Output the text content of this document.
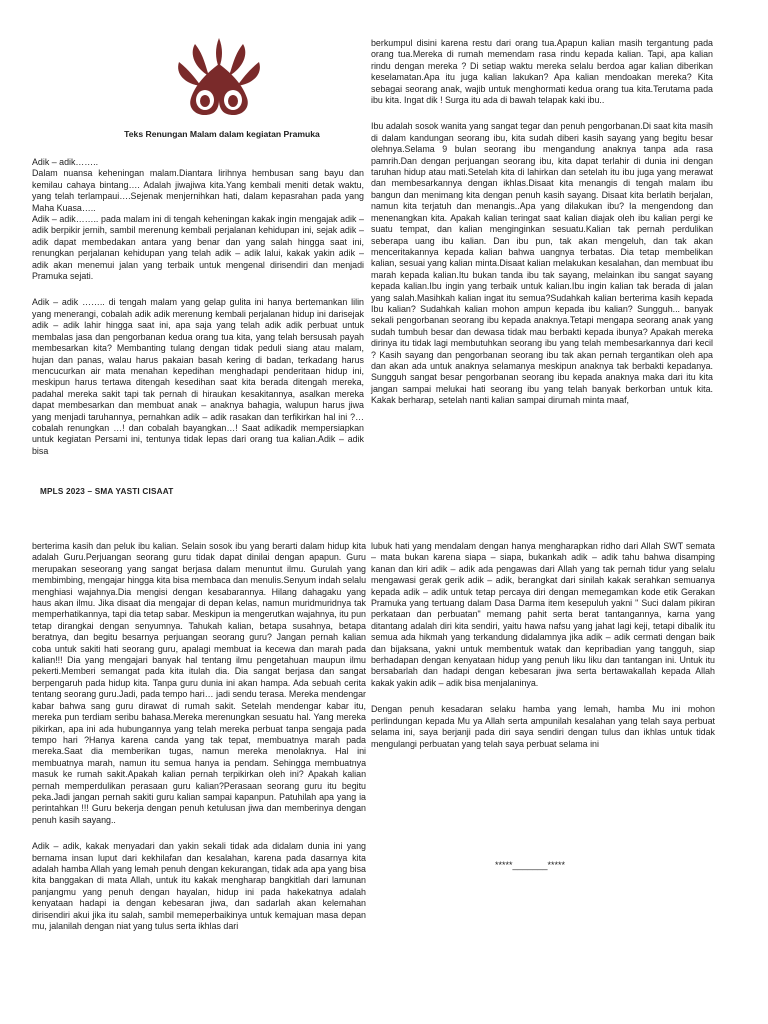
Teks Renungan Malam dalam kegiatan Pramuka

Adik – adik……..

Dalam nuansa keheningan malam.Diantara lirihnya hembusan sang bayu dan kemilau cahaya bintang…. Adalah jiwajiwa kita.Yang kembali meniti detak waktu, yang telah terlampaui….Sejenak menjernihkan hati, dalam kepasrahan pada yang Maha Kuasa…..

Adik – adik…….. pada malam ini di tengah keheningan kakak ingin mengajak adik – adik berpikir jernih, sambil merenung kembali perjalanan kehidupan ini, sejak adik – adik dapat membedakan antara yang benar dan yang salah hingga saat ini, renungkan perjalanan kehidupan yang telah adik – adik lalui, kakak yakin adik – adik akan menemui jalan yang terbaik untuk mengenal dirisendiri dan menjadi Pramuka sejati.

Adik – adik …….. di tengah malam yang gelap gulita ini hanya bertemankan lilin yang menerangi, cobalah adik adik merenung kembali perjalanan hidup ini darisejak adik – adik lahir hingga saat ini, apa saja yang telah adik adik perbuat untuk membalas jasa dan pengorbanan kedua orang tua kita, yang telah bersusah payah membesarkan kita? Membanting tulang dengan tidak peduli siang atau malam, hujan dan panas, walau harus pakaian basah kering di badan, terkadang harus mencucurkan air mata menahan kepedihan menghadapi penderitaan hidup ini, meskipun harus tertawa ditengah kesedihan saat kita berada ditengah mereka, padahal mereka sakit tapi tak pernah di hiraukan kesakitannya, asalkan mereka dapat membesarkan dan membuat anak – anaknya bahagia, walupun harus jiwa yang menjadi taruhannya, pernahkan adik – adik rasakan dan terfikirkan hal ini ?… cobalah renungkan …! dan cobalah bayangkan…! Saat adikadik mempersiapkan untuk kegiatan Persami ini, tentunya tidak lepas dari orang tua kalian.Adik – adik bisa

berkumpul disini karena restu dari orang tua.Apapun kalian masih tergantung pada orang tua.Mereka di rumah memendam rasa rindu kepada kalian. Tapi, apa kalian rindu dengan mereka ? Di setiap waktu mereka selalu berdoa agar kalian diberikan keselamatan.Apa itu juga kalian lakukan? Apa kalian mendoakan mereka? Kita sebagai seorang anak, wajib untuk menghormati kedua orang tua kita.Terutama pada ibu kita. Ingat dik ! Surga itu ada di bawah telapak kaki ibu..

Ibu adalah sosok wanita yang sangat tegar dan penuh pengorbanan.Di saat kita masih di dalam kandungan seorang ibu, kita sudah diberi kasih sayang yang begitu besar olehnya.Selama 9 bulan seorang ibu mengandung anaknya tanpa ada rasa pamrih.Dan dengan perjuangan seorang ibu, kita dapat terlahir di dunia ini dengan taruhan hidup atau mati.Setelah kita di lahirkan dan setelah itu ibu juga yang merawat dan membesarkannya dengan ikhlas.Disaat kita menangis di tengah malam ibu bangun dan menimang kita dengan penuh kasih sayang. Disaat kita berlatih berjalan, namun kita terjatuh dan menangis..Apa yang dilakukan ibu? Ia mengendong dan menenangkan kita. Apakah kalian teringat saat kalian diajak oleh ibu kalian pergi ke suatu tempat, dan kalian menginginkan sesuatu.Kalian tak pernah perdulikan seberapa uang ibu kalian. Dan ibu pun, tak akan mengeluh, dan tak akan menceritakannya kepada kalian bahwa uangnya terbatas. Dia tetap membelikan kalian, sesuai yang kalian minta.Disaat kalian melakukan kesalahan, dan membuat ibu marah kepada kalian.Itu bukan tanda ibu tak sayang, melainkan ibu sangat sayang kepada kalian.Ibu ingin yang terbaik untuk kalian.Ibu ingin kalian tak berada di jalan yang salah.Masihkah kalian ingat itu semua?Sudahkah kalian berterima kasih kepada Ibu kalian? Sudahkah kalian mohon ampun kepada ibu kalian? Sungguh... banyak sekali pengorbanan seorang ibu kepada anaknya.Tetapi mengapa seorang anak yang sudah tumbuh besar dan dewasa tidak mau berbakti kepada ibunya? Apakah mereka dirinya itu tidak lagi membutuhkan seorang ibu yang telah membesarkannya dari kecil ? Kasih sayang dan pengorbanan seorang ibu tak akan pernah tergantikan oleh apa dan akan ada untuk anaknya selamanya meskipun anaknya tak berbakti kepadanya. Sungguh sangat besar pengorbanan seorang ibu kepada anaknya maka dari itu kita jangan sampai melukai hati seorang ibu yang telah banyak berkorban untuk kita. Kakak berharap, setelah nanti kalian sampai dirumah minta maaf,

MPLS 2023 – SMA YASTI CISAAT

berterima kasih dan peluk ibu kalian. Selain sosok ibu yang berarti dalam hidup kita adalah Guru.Perjuangan seorang guru tidak dapat dinilai dengan apapun. Guru merupakan seseorang yang sangat berjasa dalam menuntut ilmu. Gurulah yang membimbing, mengajar hingga kita bisa membaca dan menulis.Senyum indah selalu menghiasi wajahnya.Dia mengisi dengan kesabarannya. Hilang dahagaku yang haus akan ilmu. Jika disaat dia mengajar di depan kelas, namun muridmuridnya tak memperhatikannya, tapi dia tetap sabar. Meskipun ia mengerutkan wajahnya, itu pun tetap dirangkai dengan senyumnya. Tahukah kalian, betapa susahnya, betapa beratnya, dan begitu besarnya perjuangan seorang guru? Jangan pernah kalian coba untuk sakiti hati seorang guru, apalagi membuat ia kecewa dan marah pada kalian!!! Dia yang mengajari banyak hal tentang ilmu pengetahuan maupun ilmu pekerti.Memberi semangat pada kita itulah dia. Dia sangat berjasa dan sangat berpengaruh pada hidup kita. Tanpa guru dunia ini akan hampa. Ada sebuah cerita tentang seorang guru.Jadi, pada tempo hari… jadi sendu terasa. Mereka mendengar kabar bahwa sang guru dirawat di rumah sakit. Setelah mendengar kabar itu, mereka pun terdiam seribu bahasa.Mereka merenungkan sesuatu hal. Yang mereka pikirkan, apa ini ada hubungannya yang telah mereka perbuat tanpa sengaja pada tempo hari ?Hanya karena canda yang tak tepat, membuatnya marah pada mereka.Saat dia memberikan tugas, namun mereka menolaknya. Hal ini membuatnya marah, namun itu semua hanya ia pendam. Sehingga membuatnya masuk ke rumah sakit.Apakah kalian pernah terpikirkan oleh ini? Apakah kalian pernah memperdulikan perasaan guru kalian?Perasaan seorang guru itu begitu peka.Jadi jangan pernah sakiti guru kalian sampai kapanpun. Patuhilah apa yang ia perintahkan !!! Guru bekerja dengan penuh ketulusan jiwa dan memberinya dengan penuh kasih sayang..

Adik – adik, kakak menyadari dan yakin sekali tidak ada didalam dunia ini yang bernama insan luput dari kekhilafan dan kesalahan, karena pada dasarnya kita adalah hamba Allah yang lemah penuh dengan kekurangan, tidak ada apa yang bisa kita banggakan di mata Allah, untuk itu kakak mengharap bangkitlah dari lamunan panjangmu yang penuh dengan hayalan, hidup ini pada hakekatnya adalah kenyataan hadapi ia dengan kebesaran jiwa, dan sadarlah akan kelemahan dirisendiri akui jika itu salah, sambil memeperbaikinya untuk kemajuan masa depan mu, jalanilah dengan niat yang tulus serta ikhlas dari

lubuk hati yang mendalam dengan hanya mengharapkan ridho dari Allah SWT semata – mata bukan karena siapa – siapa, bukankah adik – adik tahu bahwa disamping kanan dan kiri adik – adik ada pengawas dari Allah yang tak pernah tidur yang selalu mengawasi gerak gerik adik – adik, berangkat dari sinilah kakak serahkan semuanya kepada adik – adik untuk tetap percaya diri dengan memegamkan kode etik Gerakan Pramuka yang tertuang dalam Dasa Darma item kesepuluh yakni " Suci dalam pikiran perkataan dan perbuatan" memang pahit serta berat tantangannya, karna yang ditantang adalah diri kita sendiri, yaitu hawa nafsu yang jahat lagi keji, tetapi dibalik itu semua ada hikmah yang terkandung didalamnya jika adik – adik cermati dengan baik dan bijaksana, yakni untuk membentuk watak dan kepribadian yang tangguh, siap berhadapan dengan kenyataan hidup yang penuh liku liku dan tantangan ini. Untuk itu bersabarlah dan hadapi dengan kebesaran jiwa serta bertawakallah kepada Allah kakak yakin adik – adik bisa menjalaninya.

Dengan penuh kesadaran selaku hamba yang lemah, hamba Mu ini mohon perlindungan kepada Mu ya Allah serta ampunilah kesalahan yang telah saya perbuat selama ini, saya berjanji pada diri saya sendiri dengan tulus dan ikhlas untuk tidak mengulangi perbuatan yang telah saya perbuat selama ini

*****_______*****
